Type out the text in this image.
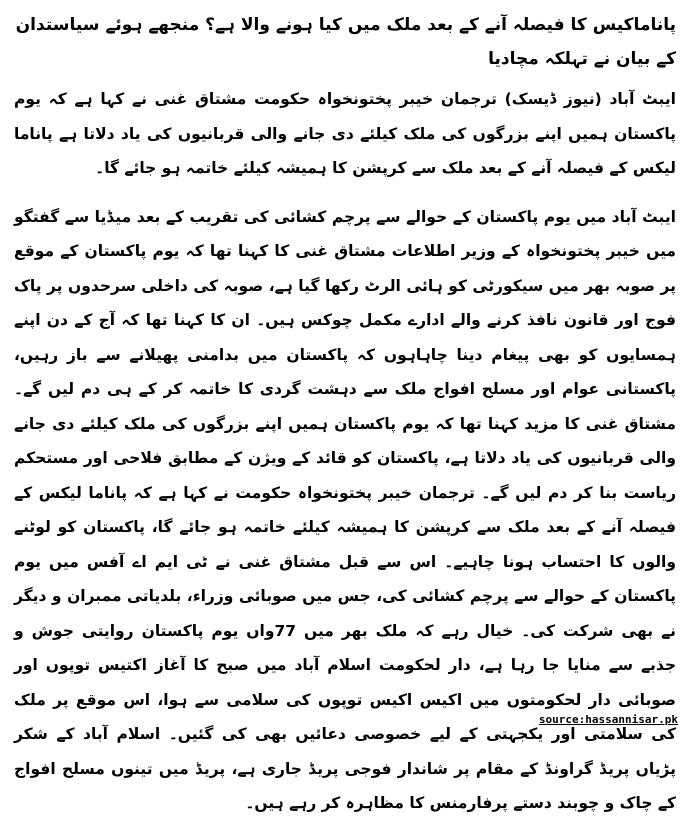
پاناماکیس کا فیصلہ آنے کے بعد ملک میں کیا ہونے والا ہے؟ منجھے ہوئے سیاستدان کے بیان نے تہلکہ مچادیا

ایبٹ آباد (نیوز ڈیسک) ترجمان خیبر پختونخواہ حکومت مشتاق غنی نے کہا ہے کہ یوم پاکستان ہمیں اپنے بزرگوں کی ملک کیلئے دی جانے والی قربانیوں کی یاد دلاتا ہے پاناما لیکس کے فیصلہ آنے کے بعد ملک سے کرپشن کا ہمیشہ کیلئے خاتمہ ہو جائے گا۔

ایبٹ آباد میں یوم پاکستان کے حوالے سے پرچم کشائی کی تقریب کے بعد میڈیا سے گفتگو میں خیبر پختونخواہ کے وزیر اطلاعات مشتاق غنی کا کہنا تھا کہ یوم پاکستان کے موقع پر صوبہ بھر میں سیکورٹی کو ہائی الرٹ رکھا گیا ہے، صوبہ کی داخلی سرحدوں پر پاک فوج اور قانون نافذ کرنے والے ادارے مکمل چوکس ہیں۔ ان کا کہنا تھا کہ آج کے دن اپنے ہمسایوں کو بھی پیغام دینا چاہاہوں کہ پاکستان میں بدامنی پھیلانے سے باز رہیں، پاکستانی عوام اور مسلح افواج ملک سے دہشت گردی کا خاتمہ کر کے ہی دم لیں گے۔ مشتاق غنی کا مزید کہنا تھا کہ یوم پاکستان ہمیں اپنے بزرگوں کی ملک کیلئے دی جانے والی قربانیوں کی یاد دلاتا ہے، پاکستان کو قائد کے ویژن کے مطابق فلاحی اور مستحکم ریاست بنا کر دم لیں گے۔ ترجمان خیبر پختونخواہ حکومت نے کہا ہے کہ پاناما لیکس کے فیصلہ آنے کے بعد ملک سے کرپشن کا ہمیشہ کیلئے خاتمہ ہو جائے گا، پاکستان کو لوٹنے والوں کا احتساب ہونا چاہیے۔ اس سے قبل مشتاق غنی نے ٹی ایم اے آفس میں یوم پاکستان کے حوالے سے پرچم کشائی کی، جس میں صوبائی وزراء، بلدیاتی ممبران و دیگر نے بھی شرکت کی۔ خیال رہے کہ ملک بھر میں 77واں یوم پاکستان روایتی جوش و جذبے سے منایا جا رہا ہے، دار لحکومت اسلام آباد میں صبح کا آغاز اکتیس توپوں اور صوبائی دار لحکومتوں میں اکیس اکیس توپوں کی سلامی سے ہوا، اس موقع پر ملک کی سلامتی اور یکجہتی کے لیے خصوصی دعائیں بھی کی گئیں۔ اسلام آباد کے شکر پڑیاں پریڈ گراونڈ کے مقام پر شاندار فوجی پریڈ جاری ہے، پریڈ میں تینوں مسلح افواج کے چاک و چوبند دستے پرفارمنس کا مظاہرہ کر رہے ہیں۔

source:hassannisar.pk
